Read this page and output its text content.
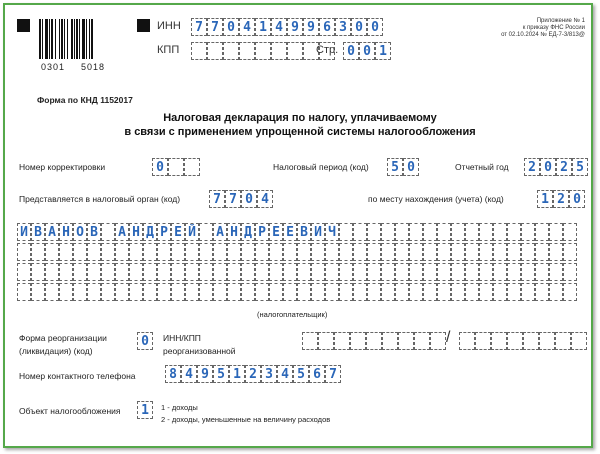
0301 5018
ИНН	7 7 0 4 1 4 9 9 6 3 0 0
КПП	Стр. 0 0 1
Приложение № 1
к приказу ФНС России
от 02.10.2024 № ЕД-7-3/813@
Форма по КНД 1152017
Налоговая декларация по налогу, уплачиваемому
в связи с применением упрощенной системы налогообложения
Номер корректировки	0	Налоговый период (код)	5 0	Отчетный год	2 0 2 5
Представляется в налоговый орган (код)	7 7 0 4	по месту нахождения (учета) (код)	1 2 0
И В А Н О В А Н Д Р Е Й А Н Д Р Е Е В И Ч
(налогоплательщик)
Форма реорганизации
(ликвидация) (код)
0	ИНН/КПП
реорганизованной
/
Номер контактного телефона	8 4 9 5 1 2 3 4 5 6 7
Объект налогообложения	1	1 - доходы
2 - доходы, уменьшенные на величину расходов
